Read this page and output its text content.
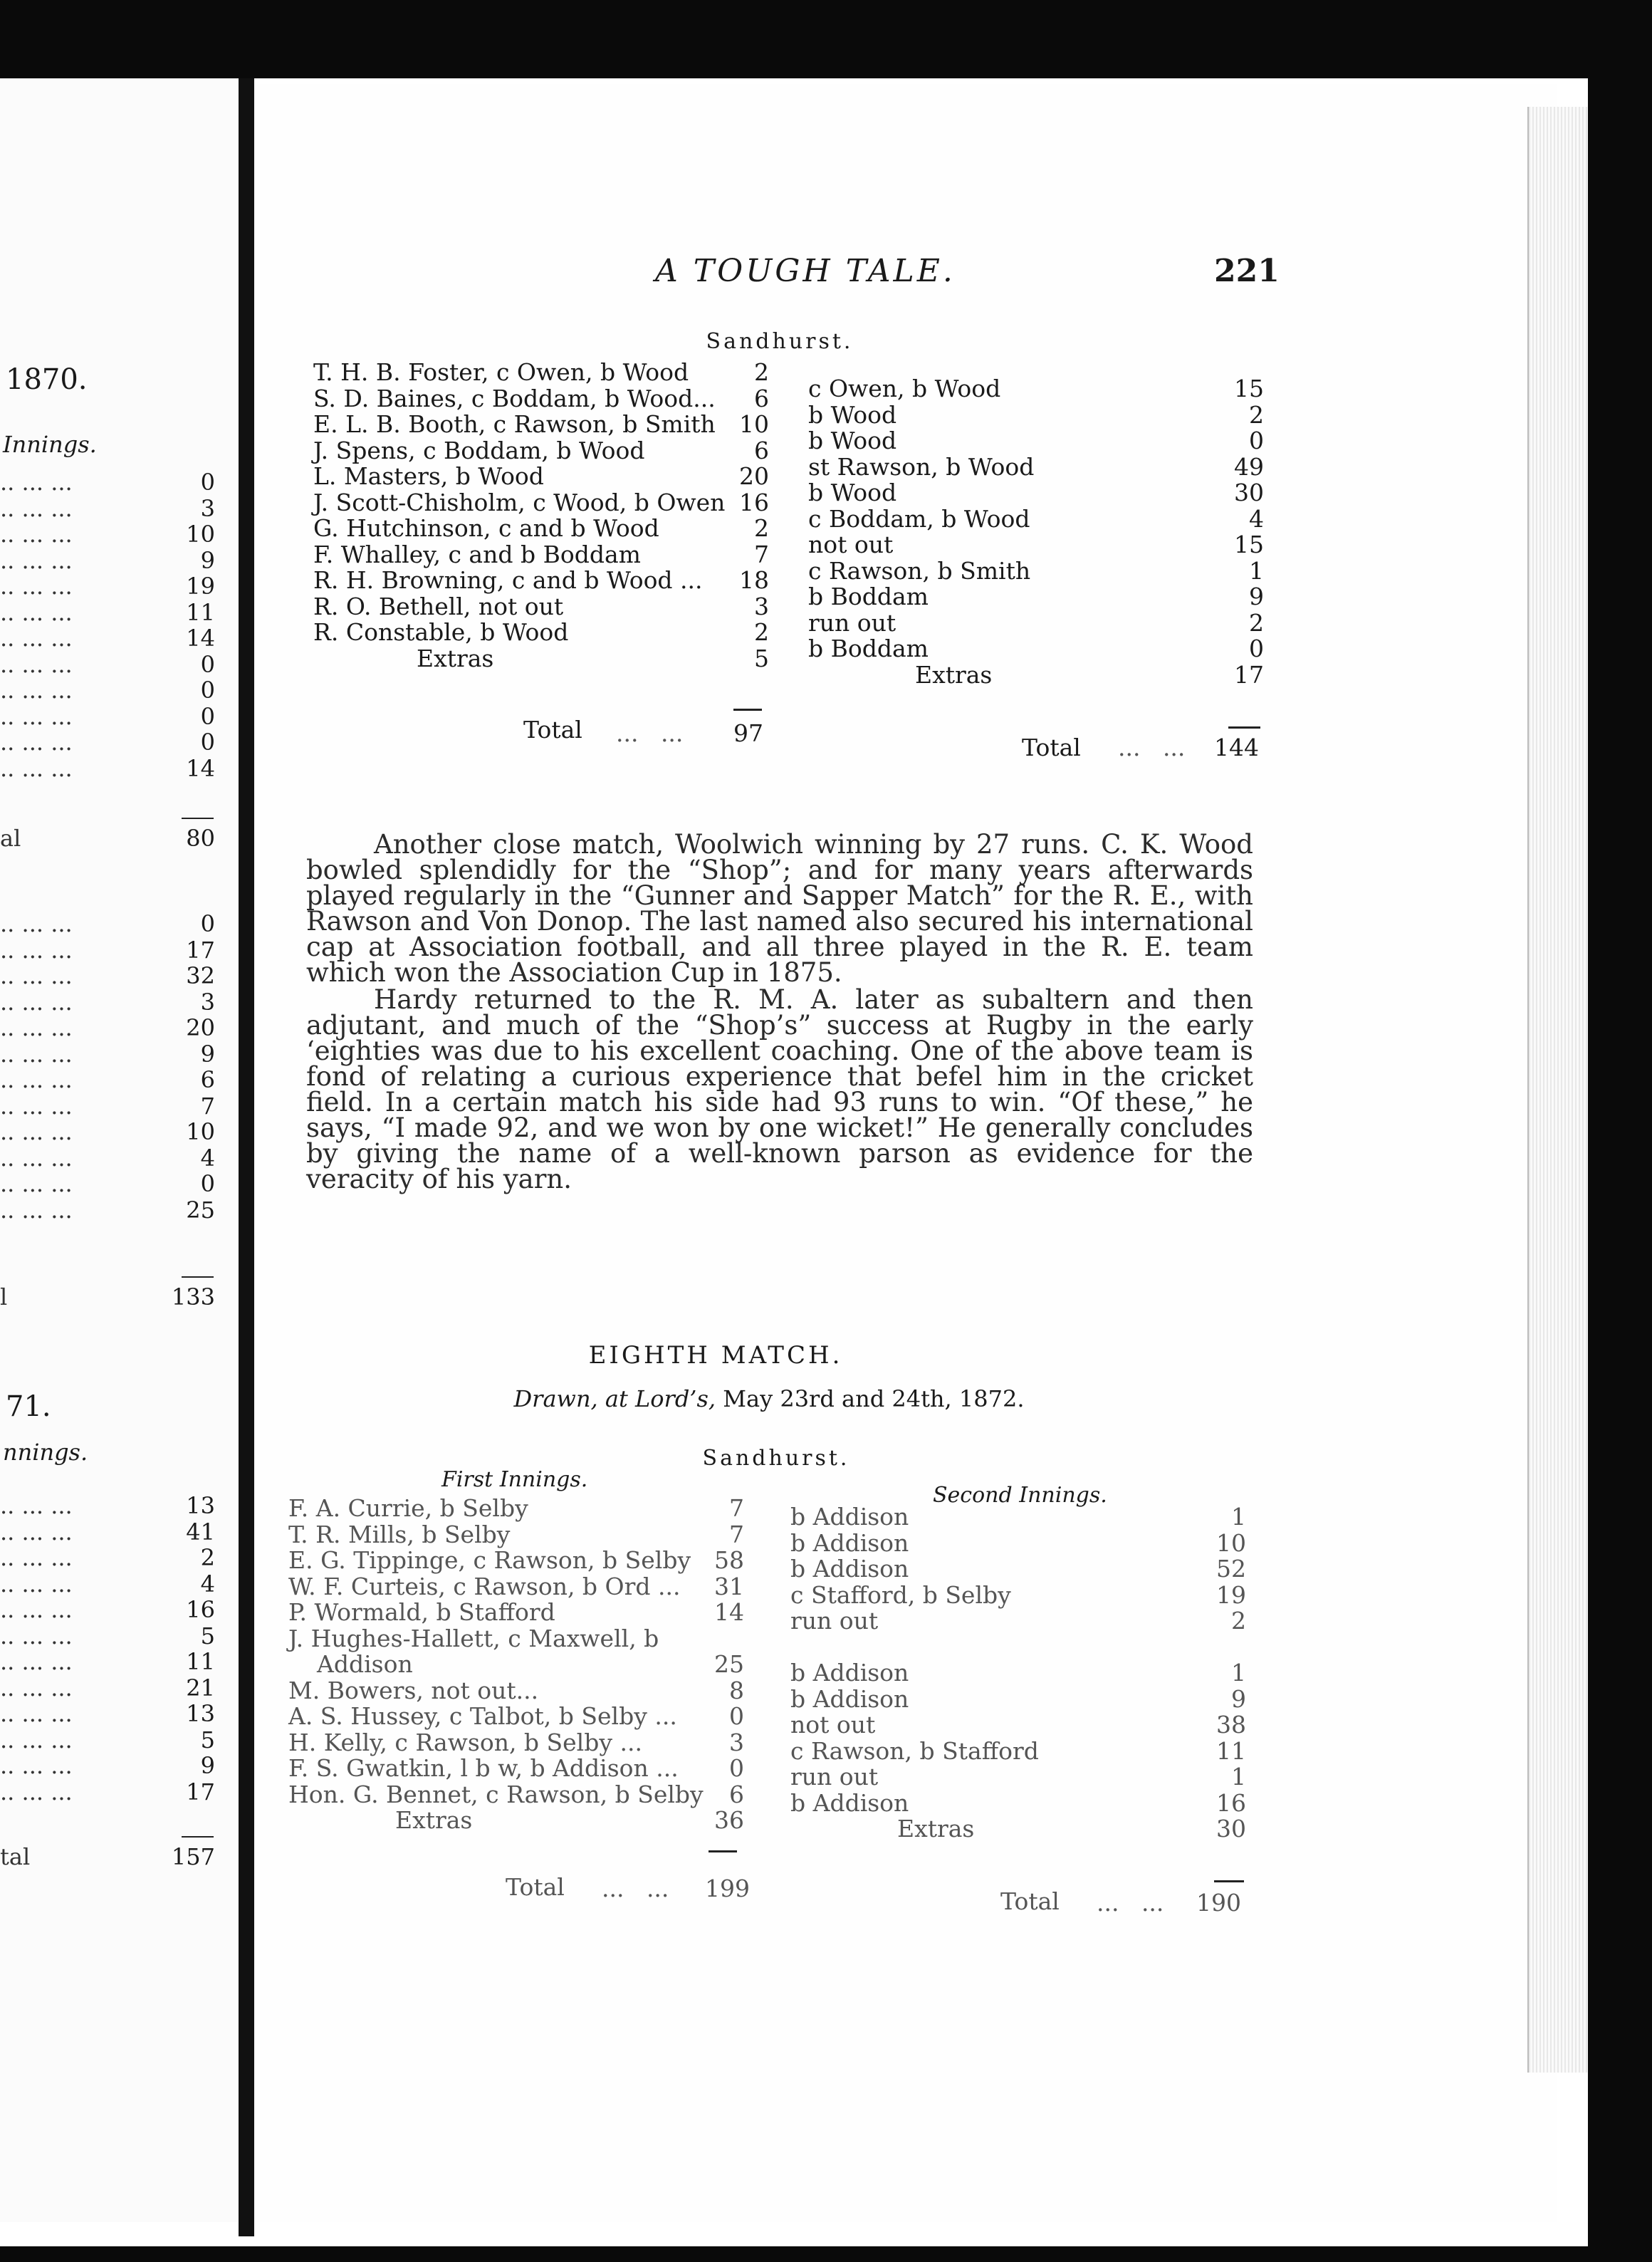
1870.
Innings.
.. ... ...	0
.. ... ...	3
.. ... ...	10
.. ... ...	9
.. ... ...	19
.. ... ...	11
.. ... ...	14
.. ... ...	0
.. ... ...	0
.. ... ...	0
.. ... ...	0
.. ... ...	14
al	80
.. ... ...	0
.. ... ...	17
.. ... ...	32
.. ... ...	3
.. ... ...	20
.. ... ...	9
.. ... ...	6
.. ... ...	7
.. ... ...	10
.. ... ...	4
.. ... ...	0
.. ... ...	25
l	133
71.
nnings.
.. ... ...	13
.. ... ...	41
.. ... ...	2
.. ... ...	4
.. ... ...	16
.. ... ...	5
.. ... ...	11
.. ... ...	21
.. ... ...	13
.. ... ...	5
.. ... ...	9
.. ... ...	17
tal	157
A TOUGH TALE.	221
Sandhurst.
T. H. B. Foster, c Owen, b Wood	2
S. D. Baines, c Boddam, b Wood... 6
E. L. B. Booth, c Rawson, b Smith 10
J. Spens, c Boddam, b Wood	6
L. Masters, b Wood	20
J. Scott-Chisholm, c Wood, b Owen 16
G. Hutchinson, c and b Wood	2
F. Whalley, c and b Boddam	7
R. H. Browning, c and b Wood ... 18
R. O. Bethell, not out	3
R. Constable, b Wood	2
Extras	5
Total ...   ... 97
c Owen, b Wood	15
b Wood	2
b Wood	0
st Rawson, b Wood	49
b Wood	30
c Boddam, b Wood	4
not out	15
c Rawson, b Smith	1
b Boddam	9
run out	2
b Boddam	0
Extras	17
Total ...   ... 144

Another close match, Woolwich winning by 27 runs. C. K. Wood bowled splendidly for the “Shop”; and for many years afterwards played regularly in the “Gunner and Sapper Match” for the R. E., with Rawson and Von Donop. The last named also secured his international cap at Association football, and all three played in the R. E. team which won the Association Cup in 1875.

Hardy returned to the R. M. A. later as subaltern and then adjutant, and much of the “Shop’s” success at Rugby in the early ‘eighties was due to his excellent coaching. One of the above team is fond of relating a curious experience that befel him in the cricket field. In a certain match his side had 93 runs to win. “Of these,” he says, “I made 92, and we won by one wicket!” He generally concludes by giving the name of a well-known parson as evidence for the veracity of his yarn.

EIGHTH MATCH.
Drawn, at Lord’s, May 23rd and 24th, 1872.
Sandhurst.
First Innings.
Second Innings.
F. A. Currie, b Selby	7
T. R. Mills, b Selby	7
E. G. Tippinge, c Rawson, b Selby 58
W. F. Curteis, c Rawson, b Ord ... 31
P. Wormald, b Stafford	14
J. Hughes-Hallett, c Maxwell, b
Addison	25
M. Bowers, not out...	8
A. S. Hussey, c Talbot, b Selby ... 0
H. Kelly, c Rawson, b Selby ...	3
F. S. Gwatkin, l b w, b Addison ... 0
Hon. G. Bennet, c Rawson, b Selby 6
Extras	36
Total ...   ... 199
b Addison	1
b Addison	10
b Addison	52
c Stafford, b Selby	19
run out	2
b Addison	1
b Addison	9
not out	38
c Rawson, b Stafford	11
run out	1
b Addison	16
Extras	30
Total ...   ... 190
